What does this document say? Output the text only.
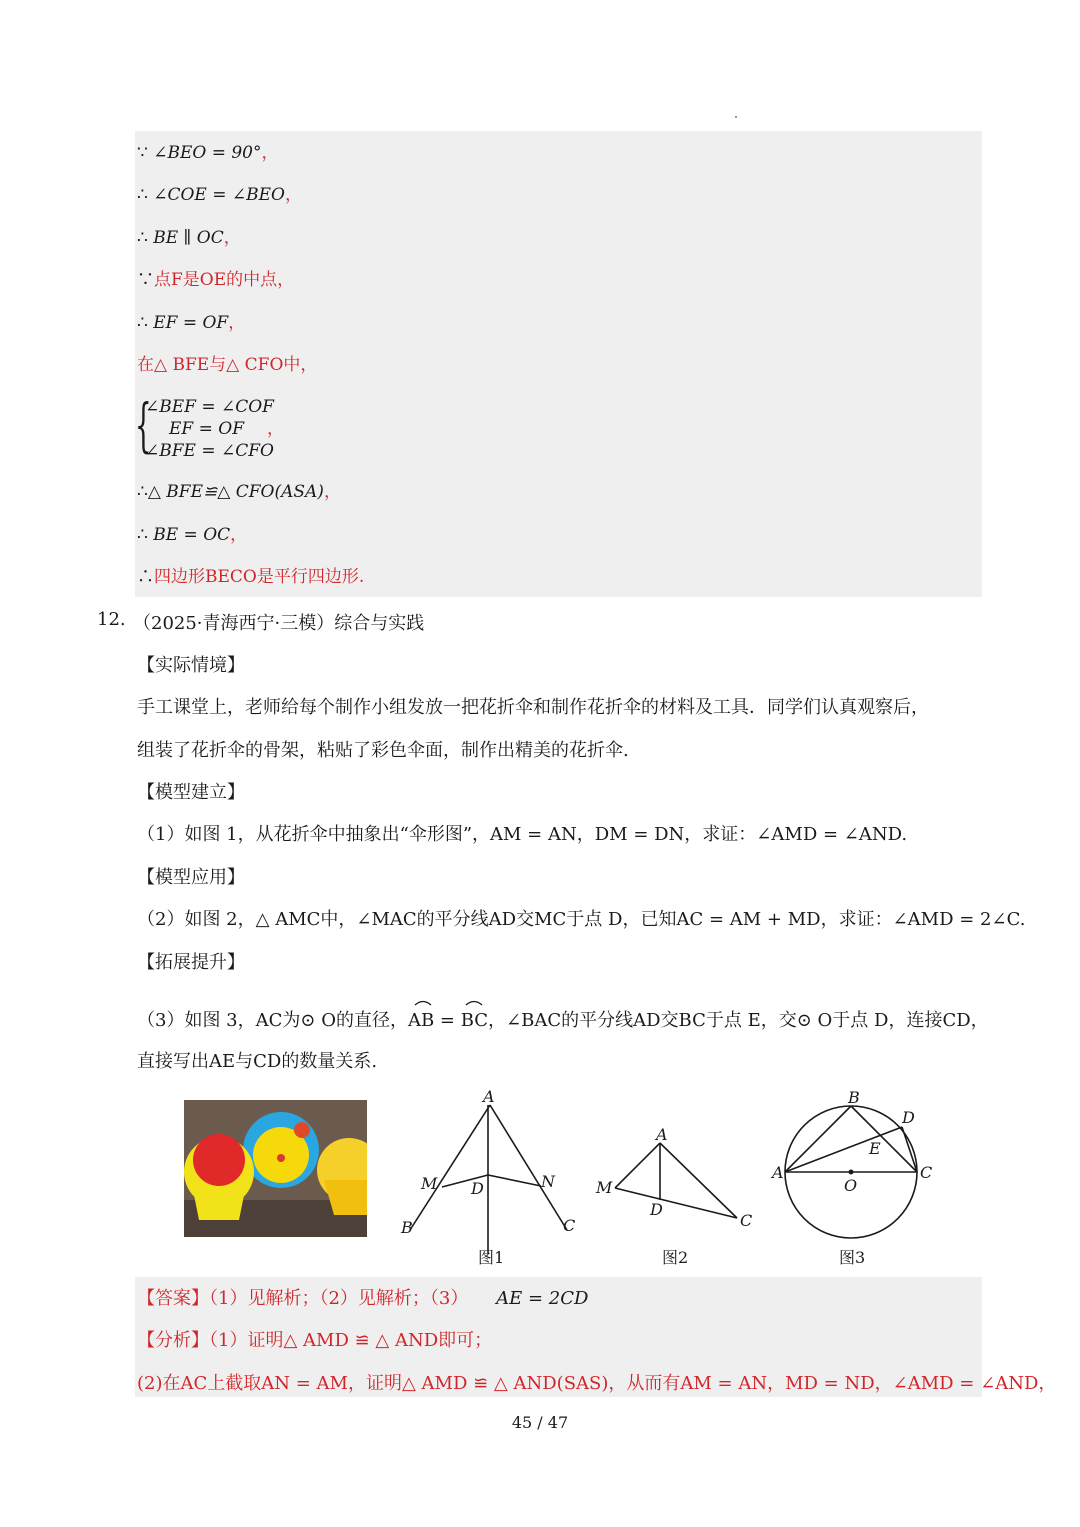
∵ ∠BEO = 90°，
∴ ∠COE = ∠BEO，
∴ BE ∥ OC，
∵点F是OE的中点，
∴ EF = OF，
在△ BFE与△ CFO中，
{
∠BEF = ∠COF
EF = OF
∠BFE = ∠CFO
，
∴△ BFE≌△ CFO(ASA)，
∴ BE = OC，
∴四边形BECO是平行四边形.
12. （2025·青海西宁·三模）综合与实践
【实际情境】
手工课堂上，老师给每个制作小组发放一把花折伞和制作花折伞的材料及工具．同学们认真观察后，
组装了花折伞的骨架，粘贴了彩色伞面，制作出精美的花折伞.
【模型建立】
（1）如图 1，从花折伞中抽象出“伞形图”，AM = AN，DM = DN，求证：∠AMD = ∠AND.
【模型应用】
（2）如图 2，△ AMC中，∠MAC的平分线AD交MC于点 D，已知AC = AM + MD，求证：∠AMD = 2∠C.
【拓展提升】
（3）如图 3，AC为⊙ O的直径，AB = BC，∠BAC的平分线AD交BC于点 E，交⊙ O于点 D，连接CD，
直接写出AE与CD的数量关系.
A
M D	N
B	C
图1
A
M
D
C
图2
B
D
E
A
O
C
图3
【答案】（1）见解析；（2）见解析；（3） AE = 2CD
【分析】（1）证明△ AMD ≌ △ AND即可；
(2)在AC上截取AN = AM，证明△ AMD ≌ △ AND(SAS)，从而有AM = AN，MD = ND，∠AMD = ∠AND，
45 / 47
